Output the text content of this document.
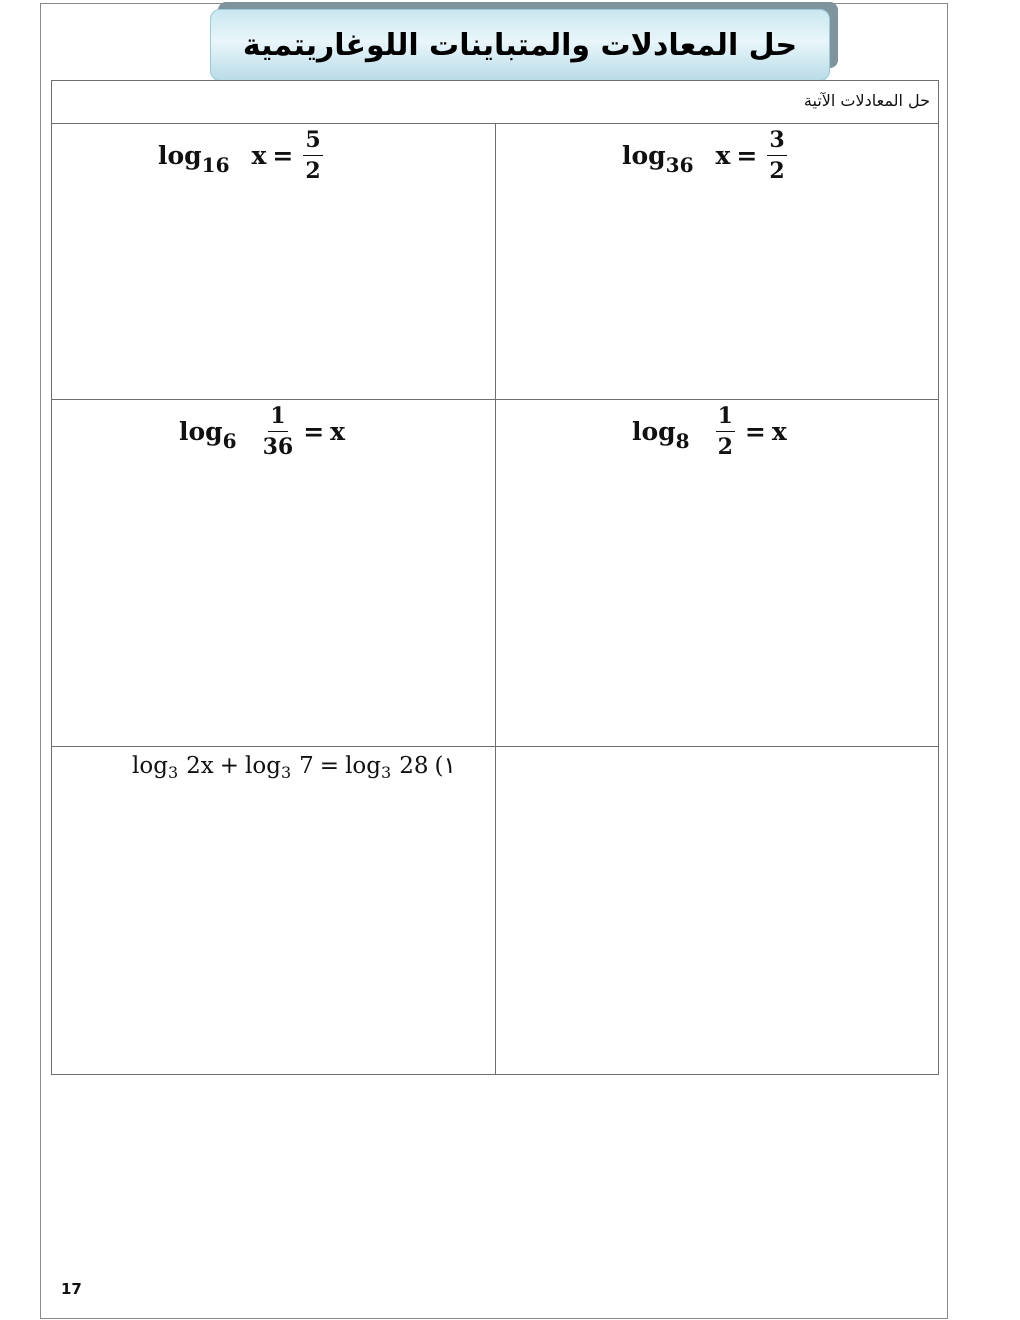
حل المعادلات والمتباينات اللوغاريتمية
حل المعادلات الآتية
log 36 $x = \frac{3}{2}$
log 16 $x = \frac{5}{2}$
$\log 8 \frac{1}{2} = x$
$\log 6 \frac{1}{36} = x$
log 3 2x + log 3 7 = log 3 28 (١
17
